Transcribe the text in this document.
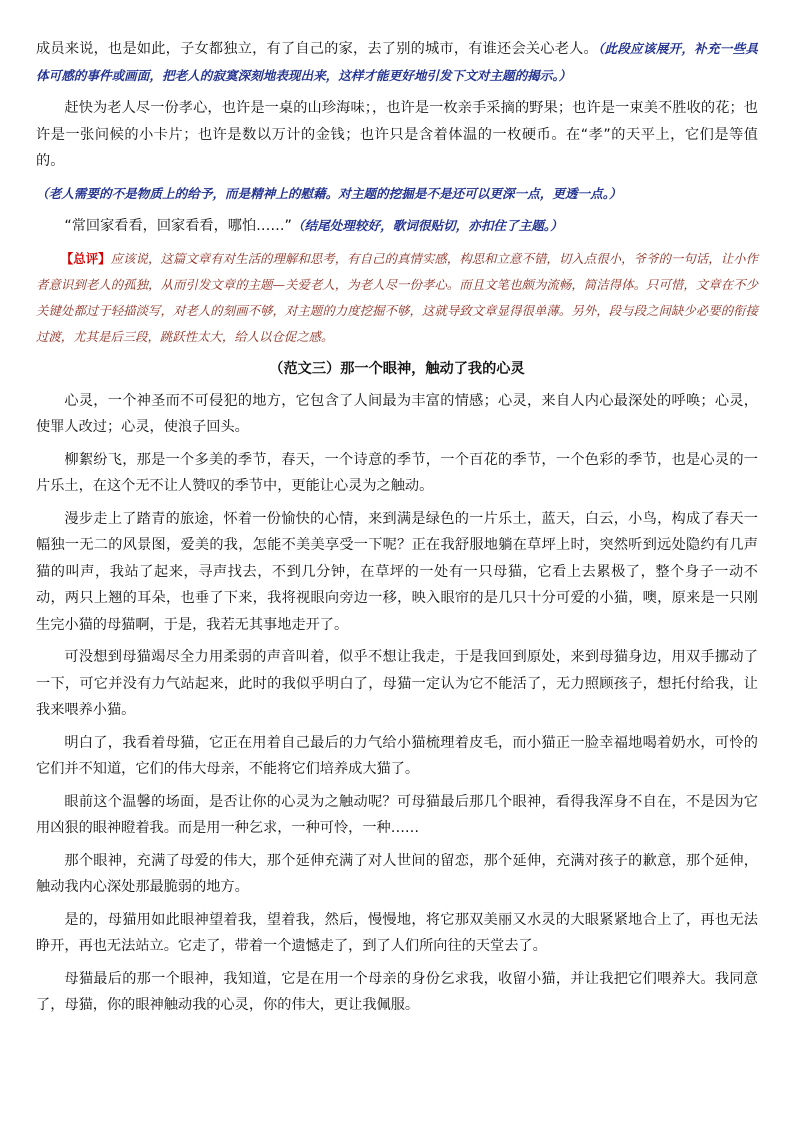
成员来说，也是如此，子女都独立，有了自己的家，去了别的城市，有谁还会关心老人。（此段应该展开，补充一些具体可感的事件或画面，把老人的寂寞深刻地表现出来，这样才能更好地引发下文对主题的揭示。）

赶快为老人尽一份孝心，也许是一桌的山珍海味；，也许是一枚亲手采摘的野果；也许是一束美不胜收的花；也许是一张问候的小卡片；也许是数以万计的金钱；也许只是含着体温的一枚硬币。在“孝”的天平上，它们是等值的。

（老人需要的不是物质上的给予，而是精神上的慰藉。对主题的挖掘是不是还可以更深一点，更透一点。）

“常回家看看，回家看看，哪怕……”（结尾处理较好，歌词很贴切，亦扣住了主题。）

【总评】应该说，这篇文章有对生活的理解和思考，有自己的真情实感，构思和立意不错，切入点很小，爷爷的一句话，让小作者意识到老人的孤独，从而引发文章的主题—关爱老人，为老人尽一份孝心。而且文笔也颇为流畅，简洁得体。只可惜，文章在不少关键处都过于轻描淡写，对老人的刻画不够，对主题的力度挖掘不够，这就导致文章显得很单薄。另外，段与段之间缺少必要的衔接过渡，尤其是后三段，跳跃性太大，给人以仓促之感。

（范文三）那一个眼神，触动了我的心灵

心灵，一个神圣而不可侵犯的地方，它包含了人间最为丰富的情感；心灵，来自人内心最深处的呼唤；心灵，使罪人改过；心灵，使浪子回头。

柳絮纷飞，那是一个多美的季节，春天，一个诗意的季节，一个百花的季节，一个色彩的季节，也是心灵的一片乐土，在这个无不让人赞叹的季节中，更能让心灵为之触动。

漫步走上了踏青的旅途，怀着一份愉快的心情，来到满是绿色的一片乐土，蓝天，白云，小鸟，构成了春天一幅独一无二的风景图，爱美的我，怎能不美美享受一下呢？正在我舒服地躺在草坪上时，突然听到远处隐约有几声猫的叫声，我站了起来，寻声找去，不到几分钟，在草坪的一处有一只母猫，它看上去累极了，整个身子一动不动，两只上翘的耳朵，也垂了下来，我将视眼向旁边一移，映入眼帘的是几只十分可爱的小猫，噢，原来是一只刚生完小猫的母猫啊，于是，我若无其事地走开了。

可没想到母猫竭尽全力用柔弱的声音叫着，似乎不想让我走，于是我回到原处，来到母猫身边，用双手挪动了一下，可它并没有力气站起来，此时的我似乎明白了，母猫一定认为它不能活了，无力照顾孩子，想托付给我，让我来喂养小猫。

明白了，我看着母猫，它正在用着自己最后的力气给小猫梳理着皮毛，而小猫正一脸幸福地喝着奶水，可怜的它们并不知道，它们的伟大母亲，不能将它们培养成大猫了。

眼前这个温馨的场面，是否让你的心灵为之触动呢？可母猫最后那几个眼神，看得我浑身不自在，不是因为它用凶狠的眼神瞪着我。而是用一种乞求，一种可怜，一种……

那个眼神，充满了母爱的伟大，那个延伸充满了对人世间的留恋，那个延伸，充满对孩子的歉意，那个延伸，触动我内心深处那最脆弱的地方。

是的，母猫用如此眼神望着我，望着我，然后，慢慢地，将它那双美丽又水灵的大眼紧紧地合上了，再也无法睁开，再也无法站立。它走了，带着一个遗憾走了，到了人们所向往的天堂去了。

母猫最后的那一个眼神，我知道，它是在用一个母亲的身份乞求我，收留小猫，并让我把它们喂养大。我同意了，母猫，你的眼神触动我的心灵，你的伟大，更让我佩服。
